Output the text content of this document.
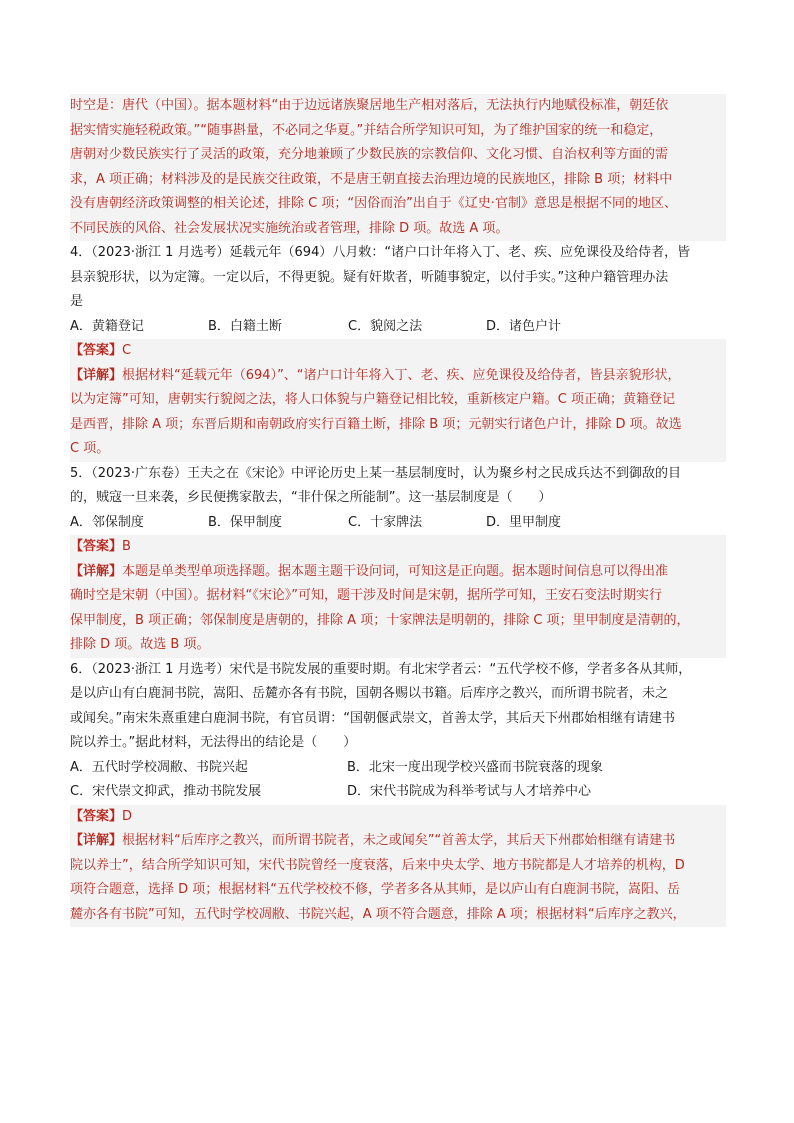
时空是：唐代（中国）。据本题材料“由于边远诸族聚居地生产相对落后，无法执行内地赋役标准，朝廷依
据实情实施轻税政策。”“随事斟量，不必同之华夏。”并结合所学知识可知，为了维护国家的统一和稳定，
唐朝对少数民族实行了灵活的政策，充分地兼顾了少数民族的宗教信仰、文化习惯、自治权利等方面的需
求，A 项正确；材料涉及的是民族交往政策，不是唐王朝直接去治理边境的民族地区，排除 B 项；材料中
没有唐朝经济政策调整的相关论述，排除 C 项；“因俗而治”出自于《辽史·官制》意思是根据不同的地区、
不同民族的风俗、社会发展状况实施统治或者管理，排除 D 项。故选 A 项。
4．（2023·浙江 1 月选考）延载元年（694）八月敕：“诸户口计年将入丁、老、疾、应免课役及给侍者，皆
县亲貌形状，以为定簿。一定以后，不得更貌。疑有奸欺者，听随事貌定，以付手实。”这种户籍管理办法
是
A．黄籍登记	B．白籍土断	C．貌阅之法	D．诸色户计
【答案】C
【详解】根据材料“延载元年（694）”、“诸户口计年将入丁、老、疾、应免课役及给侍者，皆县亲貌形状，
以为定簿”可知，唐朝实行貌阅之法，将人口体貌与户籍登记相比较，重新核定户籍。C 项正确；黄籍登记
是西晋，排除 A 项；东晋后期和南朝政府实行百籍土断，排除 B 项；元朝实行诸色户计，排除 D 项。故选
C 项。
5．（2023·广东卷）王夫之在《宋论》中评论历史上某一基层制度时，认为聚乡村之民成兵达不到御敌的目
的，贼寇一旦来袭，乡民便携家散去，“非什保之所能制”。这一基层制度是（　　）
A．邻保制度	B．保甲制度	C．十家牌法	D．里甲制度
【答案】B
【详解】本题是单类型单项选择题。据本题主题干设问词，可知这是正向题。据本题时间信息可以得出准
确时空是宋朝（中国）。据材料“《宋论》”可知，题干涉及时间是宋朝，据所学可知，王安石变法时期实行
保甲制度，B 项正确；邻保制度是唐朝的，排除 A 项；十家牌法是明朝的，排除 C 项；里甲制度是清朝的，
排除 D 项。故选 B 项。
6．（2023·浙江 1 月选考）宋代是书院发展的重要时期。有北宋学者云：“五代学校不修，学者多各从其师，
是以庐山有白鹿洞书院，嵩阳、岳麓亦各有书院，国朝各赐以书籍。后库序之教兴，而所谓书院者，未之
或闻矣。”南宋朱熹重建白鹿洞书院，有官员谓：“国朝偃武崇文，首善太学，其后天下州郡始相继有请建书
院以养士。”据此材料，无法得出的结论是（　　）
A．五代时学校凋敝、书院兴起	B．北宋一度出现学校兴盛而书院衰落的现象
C．宋代崇文抑武，推动书院发展	D．宋代书院成为科举考试与人才培养中心
【答案】D
【详解】根据材料“后库序之教兴，而所谓书院者，未之或闻矣”“首善太学，其后天下州郡始相继有请建书
院以养士”，结合所学知识可知，宋代书院曾经一度衰落，后来中央太学、地方书院都是人才培养的机构，D
项符合题意，选择 D 项；根据材料“五代学校校不修，学者多各从其师，是以庐山有白鹿洞书院，嵩阳、岳
麓亦各有书院”可知，五代时学校凋敝、书院兴起，A 项不符合题意，排除 A 项；根据材料“后库序之教兴，
